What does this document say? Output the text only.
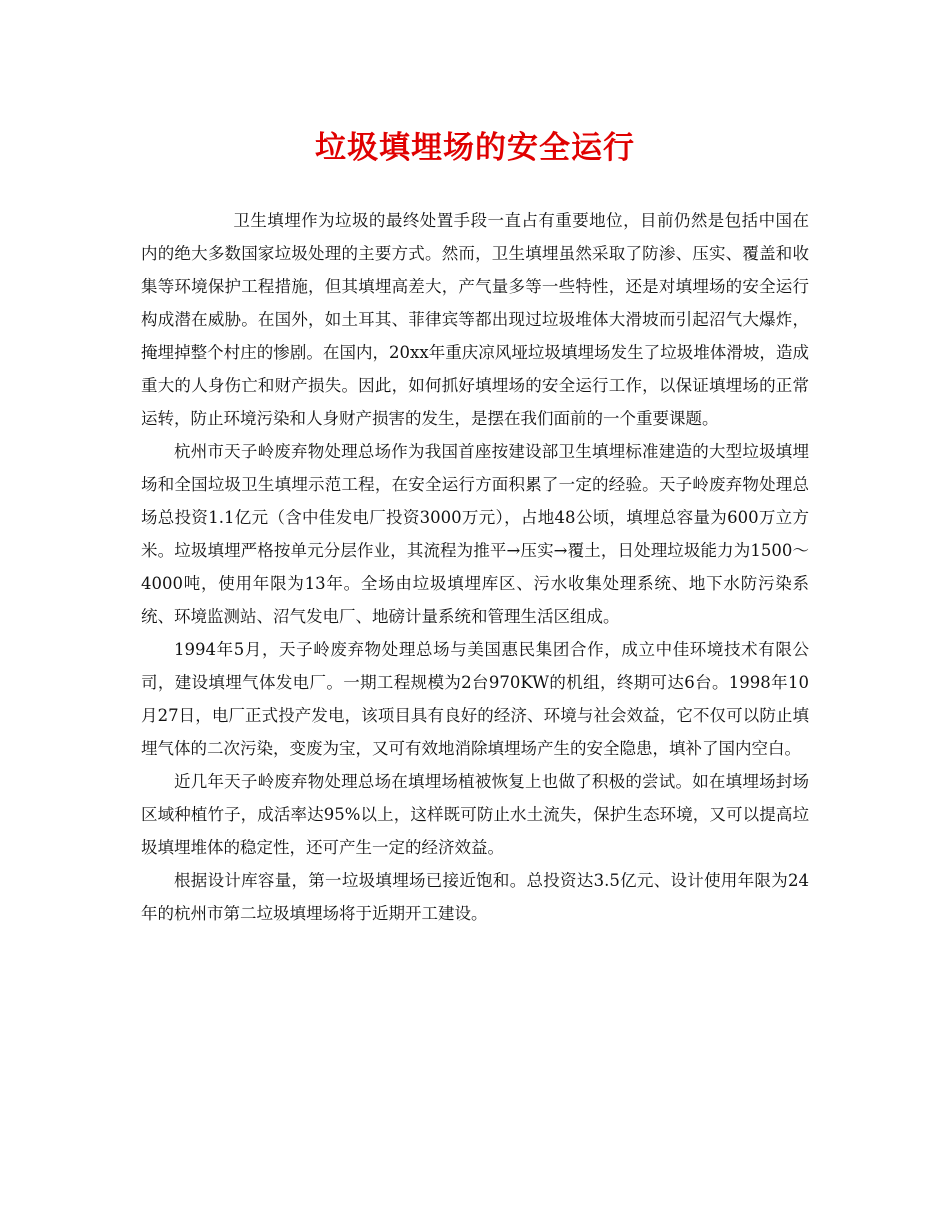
垃圾填埋场的安全运行

卫生填埋作为垃圾的最终处置手段一直占有重要地位，目前仍然是包括中国在内的绝大多数国家垃圾处理的主要方式。然而，卫生填埋虽然采取了防渗、压实、覆盖和收集等环境保护工程措施，但其填埋高差大，产气量多等一些特性，还是对填埋场的安全运行构成潜在威胁。在国外，如土耳其、菲律宾等都出现过垃圾堆体大滑坡而引起沼气大爆炸，掩埋掉整个村庄的惨剧。在国内，20xx年重庆凉风垭垃圾填埋场发生了垃圾堆体滑坡，造成重大的人身伤亡和财产损失。因此，如何抓好填埋场的安全运行工作，以保证填埋场的正常运转，防止环境污染和人身财产损害的发生，是摆在我们面前的一个重要课题。

杭州市天子岭废弃物处理总场作为我国首座按建设部卫生填埋标准建造的大型垃圾填埋场和全国垃圾卫生填埋示范工程，在安全运行方面积累了一定的经验。天子岭废弃物处理总场总投资1.1亿元（含中佳发电厂投资3000万元），占地48公顷，填埋总容量为600万立方米。垃圾填埋严格按单元分层作业，其流程为推平→压实→覆土，日处理垃圾能力为1500～4000吨，使用年限为13年。全场由垃圾填埋库区、污水收集处理系统、地下水防污染系统、环境监测站、沼气发电厂、地磅计量系统和管理生活区组成。

1994年5月，天子岭废弃物处理总场与美国惠民集团合作，成立中佳环境技术有限公司，建设填埋气体发电厂。一期工程规模为2台970KW的机组，终期可达6台。1998年10月27日，电厂正式投产发电，该项目具有良好的经济、环境与社会效益，它不仅可以防止填埋气体的二次污染，变废为宝，又可有效地消除填埋场产生的安全隐患，填补了国内空白。

近几年天子岭废弃物处理总场在填埋场植被恢复上也做了积极的尝试。如在填埋场封场区域种植竹子，成活率达95%以上，这样既可防止水土流失，保护生态环境，又可以提高垃圾填埋堆体的稳定性，还可产生一定的经济效益。

根据设计库容量，第一垃圾填埋场已接近饱和。总投资达3.5亿元、设计使用年限为24年的杭州市第二垃圾填埋场将于近期开工建设。
